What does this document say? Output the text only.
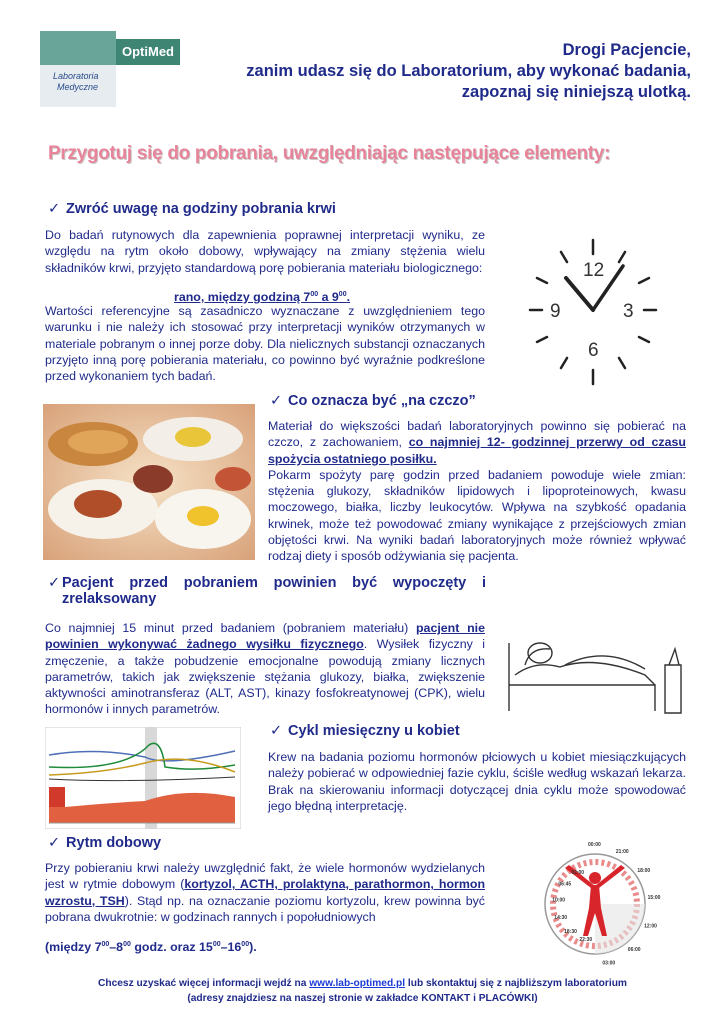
OptiMed
Laboratoria
Medyczne
Drogi Pacjencie,
zanim udasz się do Laboratorium, aby wykonać badania,
zapoznaj się niniejszą ulotką.
Przygotuj się do pobrania, uwzględniając następujące elementy:
✓ Zwróć uwagę na godziny pobrania krwi
Do badań rutynowych dla zapewnienia poprawnej interpretacji wyniku, ze względu na rytm około dobowy, wpływający na zmiany stężenia wielu składników krwi, przyjęto standardową porę pobierania materiału biologicznego:
rano, między godziną $7^{00}$ a $9^{00}$.
Wartości referencyjne są zasadniczo wyznaczane z uwzględnieniem tego warunku i nie należy ich stosować przy interpretacji wyników otrzymanych w materiale pobranym o innej porze doby. Dla nielicznych substancji oznaczanych przyjęto inną porę pobierania materiału, co powinno być wyraźnie podkreślone przed wykonaniem tych badań.
12
3
6
9
✓ Co oznacza być „na czczo”
Materiał do większości badań laboratoryjnych powinno się pobierać na czczo, z zachowaniem, co najmniej 12- godzinnej przerwy od czasu spożycia ostatniego posiłku.
Pokarm spożyty parę godzin przed badaniem powoduje wiele zmian: stężenia glukozy, składników lipidowych i lipoproteinowych, kwasu moczowego, białka, liczby leukocytów. Wpływa na szybkość opadania krwinek, może też powodować zmiany wynikające z przejściowych zmian objętości krwi. Na wyniki badań laboratoryjnych może również wpływać rodzaj diety i sposób odżywiania się pacjenta.
✓ Pacjent przed pobraniem powinien być wypoczęty i
zrelaksowany
Co najmniej 15 minut przed badaniem (pobraniem materiału) pacjent nie powinien wykonywać żadnego wysiłku fizycznego. Wysiłek fizyczny i zmęczenie, a także pobudzenie emocjonalne powodują zmiany licznych parametrów, takich jak zwiększenie stężania glukozy, białka, zwiększenie aktywności aminotransferaz (ALT, AST), kinazy fosfokreatynowej (CPK), wielu hormonów i innych parametrów.
✓ Cykl miesięczny u kobiet
Krew na badania poziomu hormonów płciowych u kobiet miesiączkujących należy pobierać w odpowiedniej fazie cyklu, ściśle według wskazań lekarza. Brak na skierowaniu informacji dotyczącej dnia cyklu może spowodować jego błędną interpretację.
✓ Rytm dobowy
Przy pobieraniu krwi należy uwzględnić fakt, że wiele hormonów wydzielanych jest w rytmie dobowym (kortyzol, ACTH, prolaktyna, parathormon, hormon wzrostu, TSH). Stąd np. na oznaczanie poziomu kortyzolu, krew powinna być pobrana dwukrotnie: w godzinach rannych i popołudniowych
(między $7^{00}-8^{00}$ godz. oraz $15^{00}-16^{00}$).
00:00
21:00
18:00
15:00
12:00
06:00
03:00
22:30
18:30
14:30
10:00
06:45
02:00
Chcesz uzyskać więcej informacji wejdź na www.lab-optimed.pl lub skontaktuj się z najbliższym laboratorium
(adresy znajdziesz na naszej stronie w zakładce KONTAKT i PLACÓWKI)
